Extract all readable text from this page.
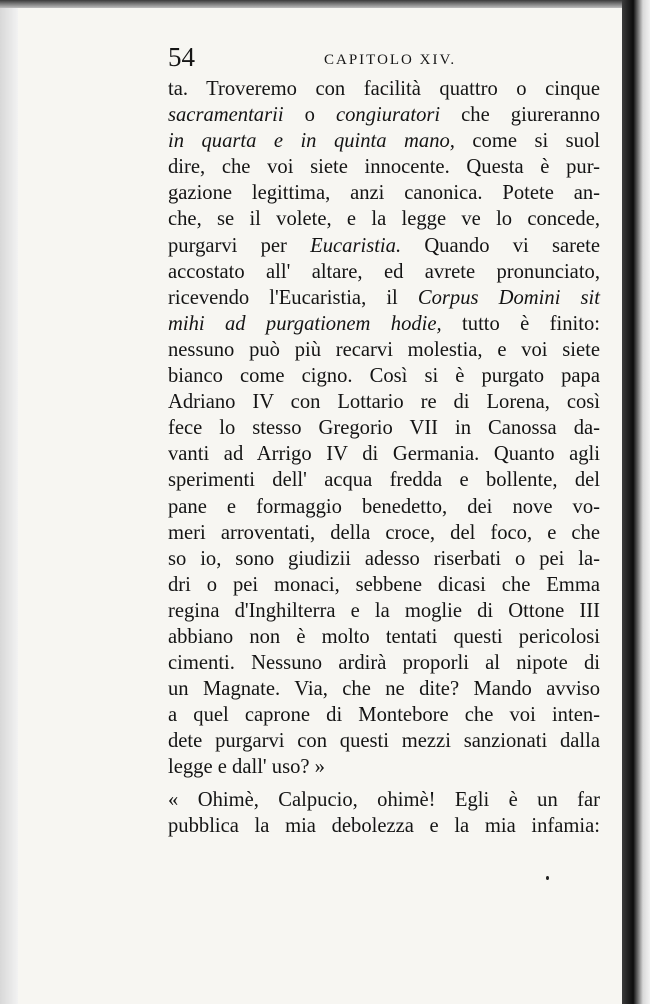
54	CAPITOLO XIV.
ta. Troveremo con facilità quattro o cinque
sacramentarii o congiuratori che giureranno
in quarta e in quinta mano, come si suol
dire, che voi siete innocente. Questa è pur-
gazione legittima, anzi canonica. Potete an-
che, se il volete, e la legge ve lo concede,
purgarvi per Eucaristia. Quando vi sarete
accostato all' altare, ed avrete pronunciato,
ricevendo l'Eucaristia, il Corpus Domini sit
mihi ad purgationem hodie, tutto è finito:
nessuno può più recarvi molestia, e voi siete
bianco come cigno. Così si è purgato papa
Adriano IV con Lottario re di Lorena, così
fece lo stesso Gregorio VII in Canossa da-
vanti ad Arrigo IV di Germania. Quanto agli
sperimenti dell' acqua fredda e bollente, del
pane e formaggio benedetto, dei nove vo-
meri arroventati, della croce, del foco, e che
so io, sono giudizii adesso riserbati o pei la-
dri o pei monaci, sebbene dicasi che Emma
regina d'Inghilterra e la moglie di Ottone III
abbiano non è molto tentati questi pericolosi
cimenti. Nessuno ardirà proporli al nipote di
un Magnate. Via, che ne dite? Mando avviso
a quel caprone di Montebore che voi inten-
dete purgarvi con questi mezzi sanzionati dalla
legge e dall' uso? »
« Ohimè, Calpucio, ohimè! Egli è un far
pubblica la mia debolezza e la mia infamia:
